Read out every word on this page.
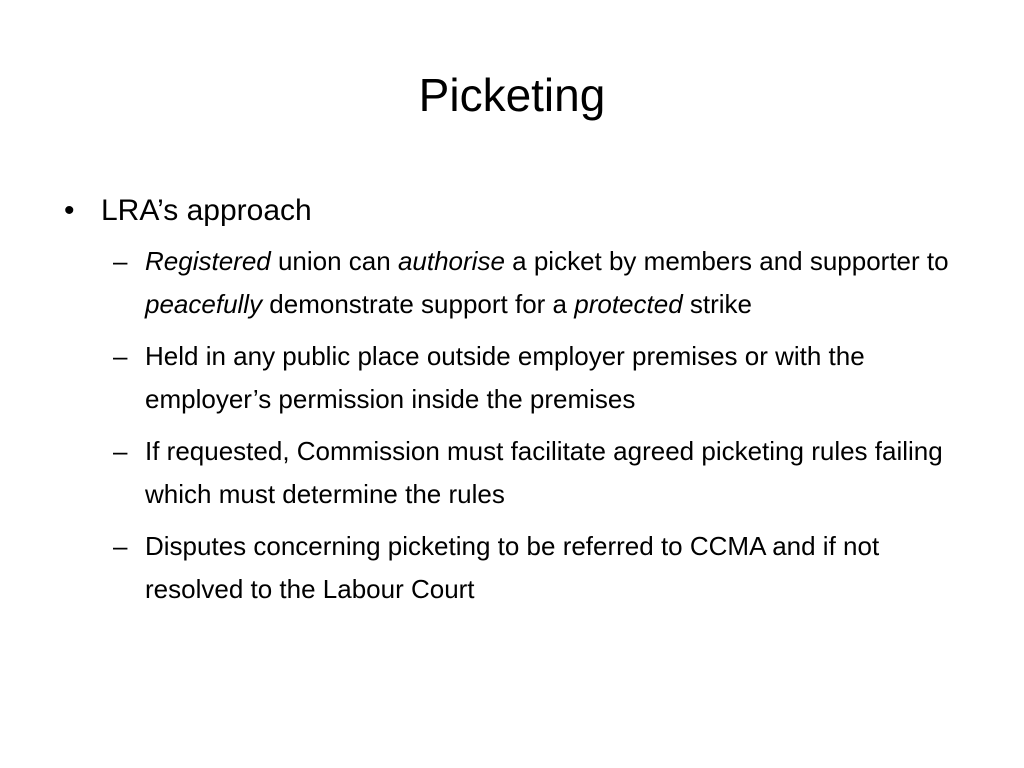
Picketing
• LRA’s approach
– Registered union can authorise a picket by members and supporter to peacefully demonstrate support for a protected strike
– Held in any public place outside employer premises or with the employer’s permission inside the premises
– If requested, Commission must facilitate agreed picketing rules failing which must determine the rules
– Disputes concerning picketing to be referred to CCMA and if not resolved to the Labour Court
